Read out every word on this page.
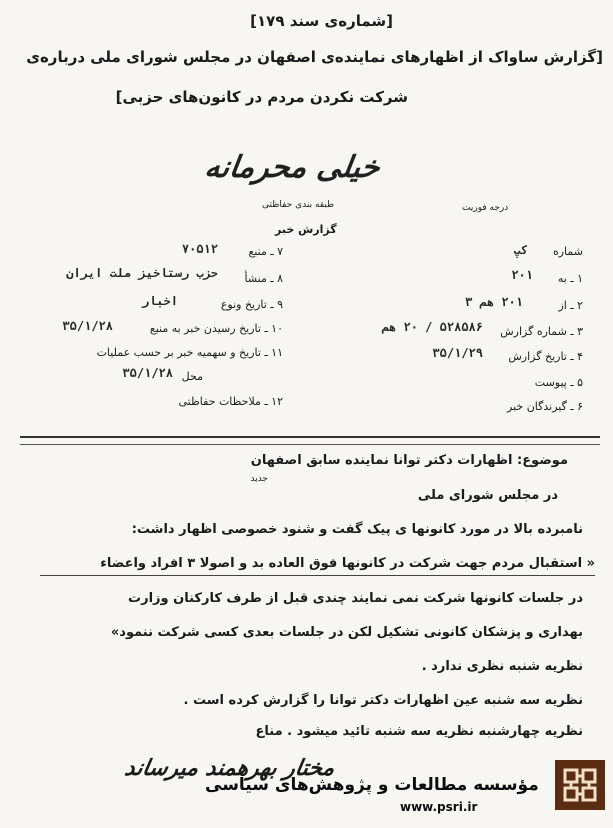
[شماره‌ی سند ۱۷۹]
[گزارش ساواک از اظهارهای نماینده‌ی اصفهان در مجلس شورای ملی درباره‌ی
شرکت نکردن مردم در کانون‌های حزبی]
خیلی محرمانه
طبقه بندی حفاظتی	درجه فوریت
گزارش خبر
شماره
کپ
۱ ـ به
۲۰۱
۲ ـ از
۲۰۱ هم ۳
۳ ـ شماره گزارش
۵۲۸۵۸۶ / ۲۰ هم
۴ ـ تاریخ گزارش
۳۵/۱/۲۹
۵ ـ پیوست
۶ ـ گیرندگان خبر
۷ ـ منبع
۷۰۵۱۲
۸ ـ منشأ
حزب رستاخیز ملت ایران
۹ ـ تاریخ ونوع
اخبار
۱۰ ـ تاریخ رسیدن خبر به منبع
۳۵/۱/۲۸
۱۱ ـ تاریخ و سهمیه خبر بر حسب عملیات
محل
۳۵/۱/۲۸
۱۲ ـ ملاحظات حفاظتی
موضوع: اظهارات دکتر توانا نماینده سابق اصفهان
جدید
در مجلس شورای ملی
نامبرده بالا در مورد کانونها ی پیک گفت و شنود خصوصی اظهار داشت:
« استقبال مردم جهت شرکت در کانونها فوق العاده بد و اصولا ۳ افراد واعضاء
در جلسات کانونها شرکت نمی نمایند چندی قبل از طرف کارکنان وزارت
بهداری و پزشکان کانونی تشکیل لکن در جلسات بعدی کسی شرکت ننمود»
نظریه شنبه نظری ندارد .
نظریه سه شنبه عین اظهارات دکتر توانا را گزارش کرده است .
نظریه چهارشنبه نظریه سه شنبه تائید میشود . مناع
مختار بهرهمند میرساند
مؤسسه مطالعات و پژوهش‌های سیاسی
www.psri.ir
